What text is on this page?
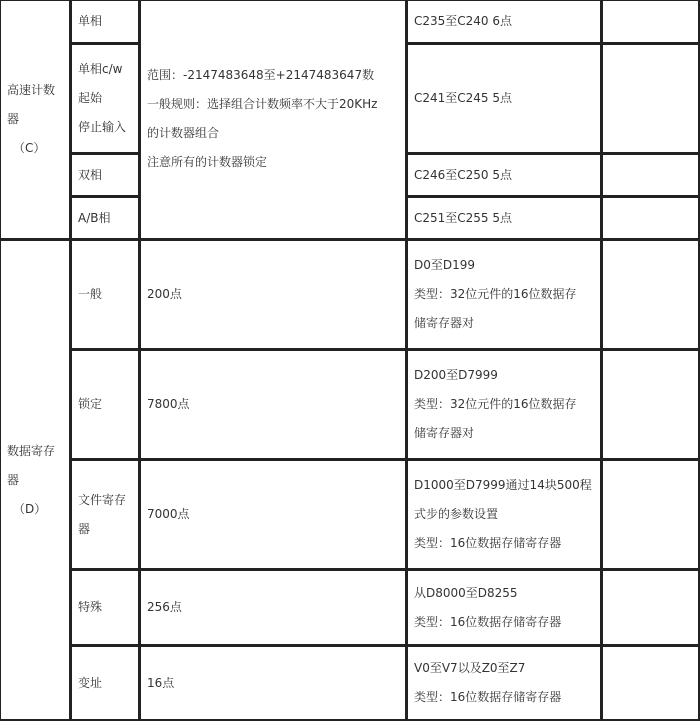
高速计数
器
（C）	单相	范围：-2147483648至+2147483647数
一般规则：选择组合计数频率不大于20KHz
的计数器组合
注意所有的计数器锁定	C235至C240 6点	

	单相c/w
起始
停止输入		C241至C245 5点	

	双相		C246至C250 5点	

	A/B相		C251至C255 5点	

数据寄存
器
（D）	一般	200点	D0至D199
类型：32位元件的16位数据存
储寄存器对	

	锁定	7800点	D200至D7999
类型：32位元件的16位数据存
储寄存器对	

	文件寄存
器	7000点	D1000至D7999通过14块500程
式步的参数设置
类型：16位数据存储寄存器	

	特殊	256点	从D8000至D8255
类型：16位数据存储寄存器	

	变址	16点	V0至V7以及Z0至Z7
类型：16位数据存储寄存器	
